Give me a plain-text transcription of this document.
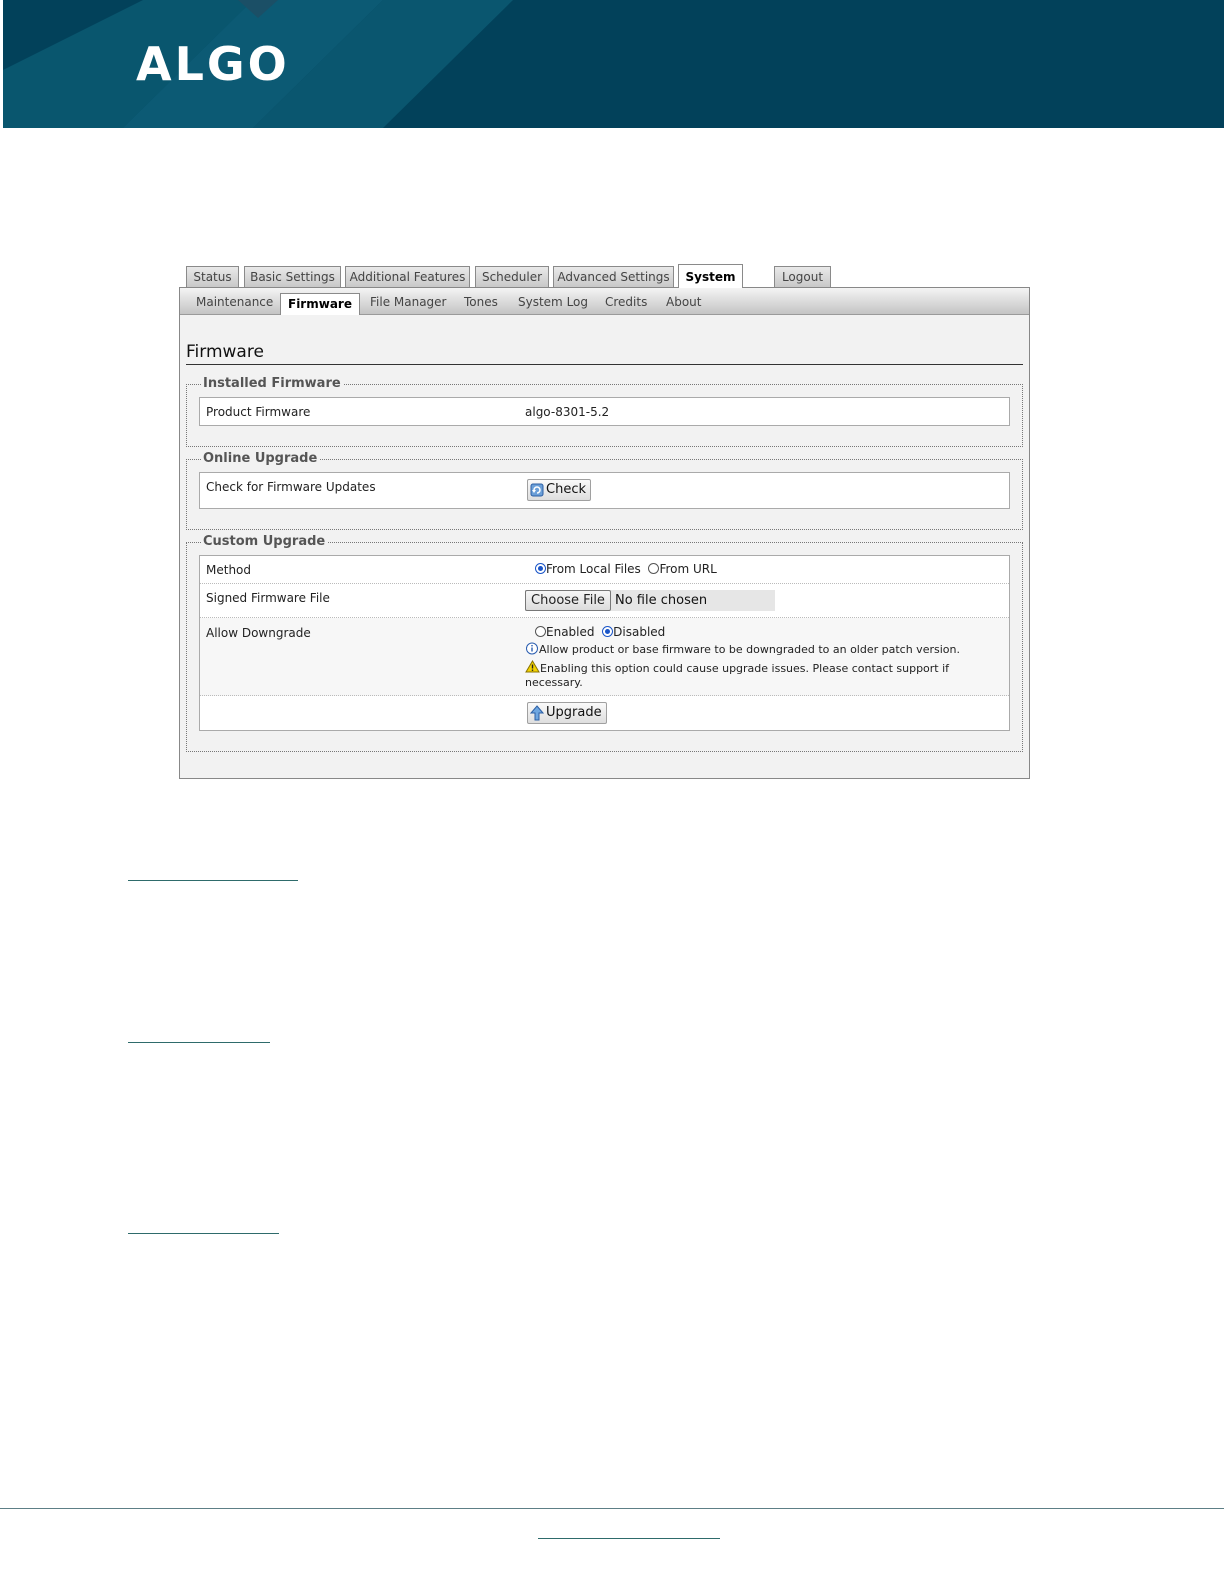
ALGO
Status	Basic Settings	Additional Features	Scheduler	Advanced Settings	System	Logout
Maintenance	Firmware	File Manager Tones System Log Credits About
Firmware
Installed Firmware
Product Firmware	algo-8301-5.2
Online Upgrade
Check for Firmware Updates	Check
Custom Upgrade
Method	From Local Files From URL
Signed Firmware File	Choose File No file chosen
Allow Downgrade	Enabled Disabled
Allow product or base firmware to be downgraded to an older patch version.
Enabling this option could cause upgrade issues. Please contact support if
necessary.
Upgrade
